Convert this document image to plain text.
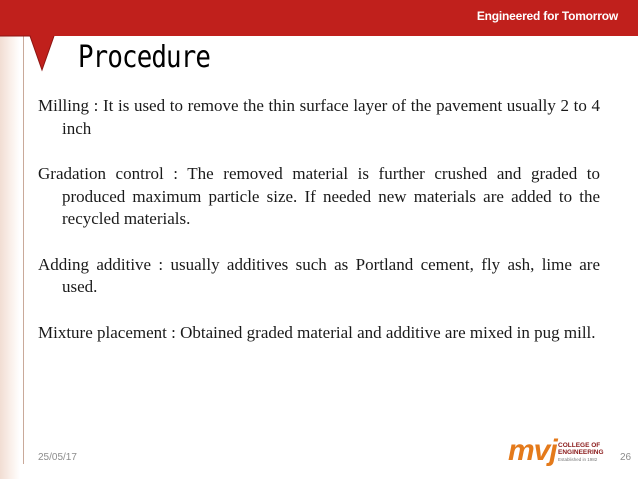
Engineered for Tomorrow
Procedure

Milling : It is used to remove the thin surface layer of the pavement usually 2 to 4 inch

Gradation control : The removed material is further crushed and graded to produced maximum particle size. If needed new materials are added to the recycled materials.

Adding additive : usually additives such as Portland cement, fly ash, lime are used.

Mixture placement : Obtained graded material and additive are mixed in pug mill.

25/05/17	mvj COLLEGE OF
ENGINEERING
Established in 1982	26
